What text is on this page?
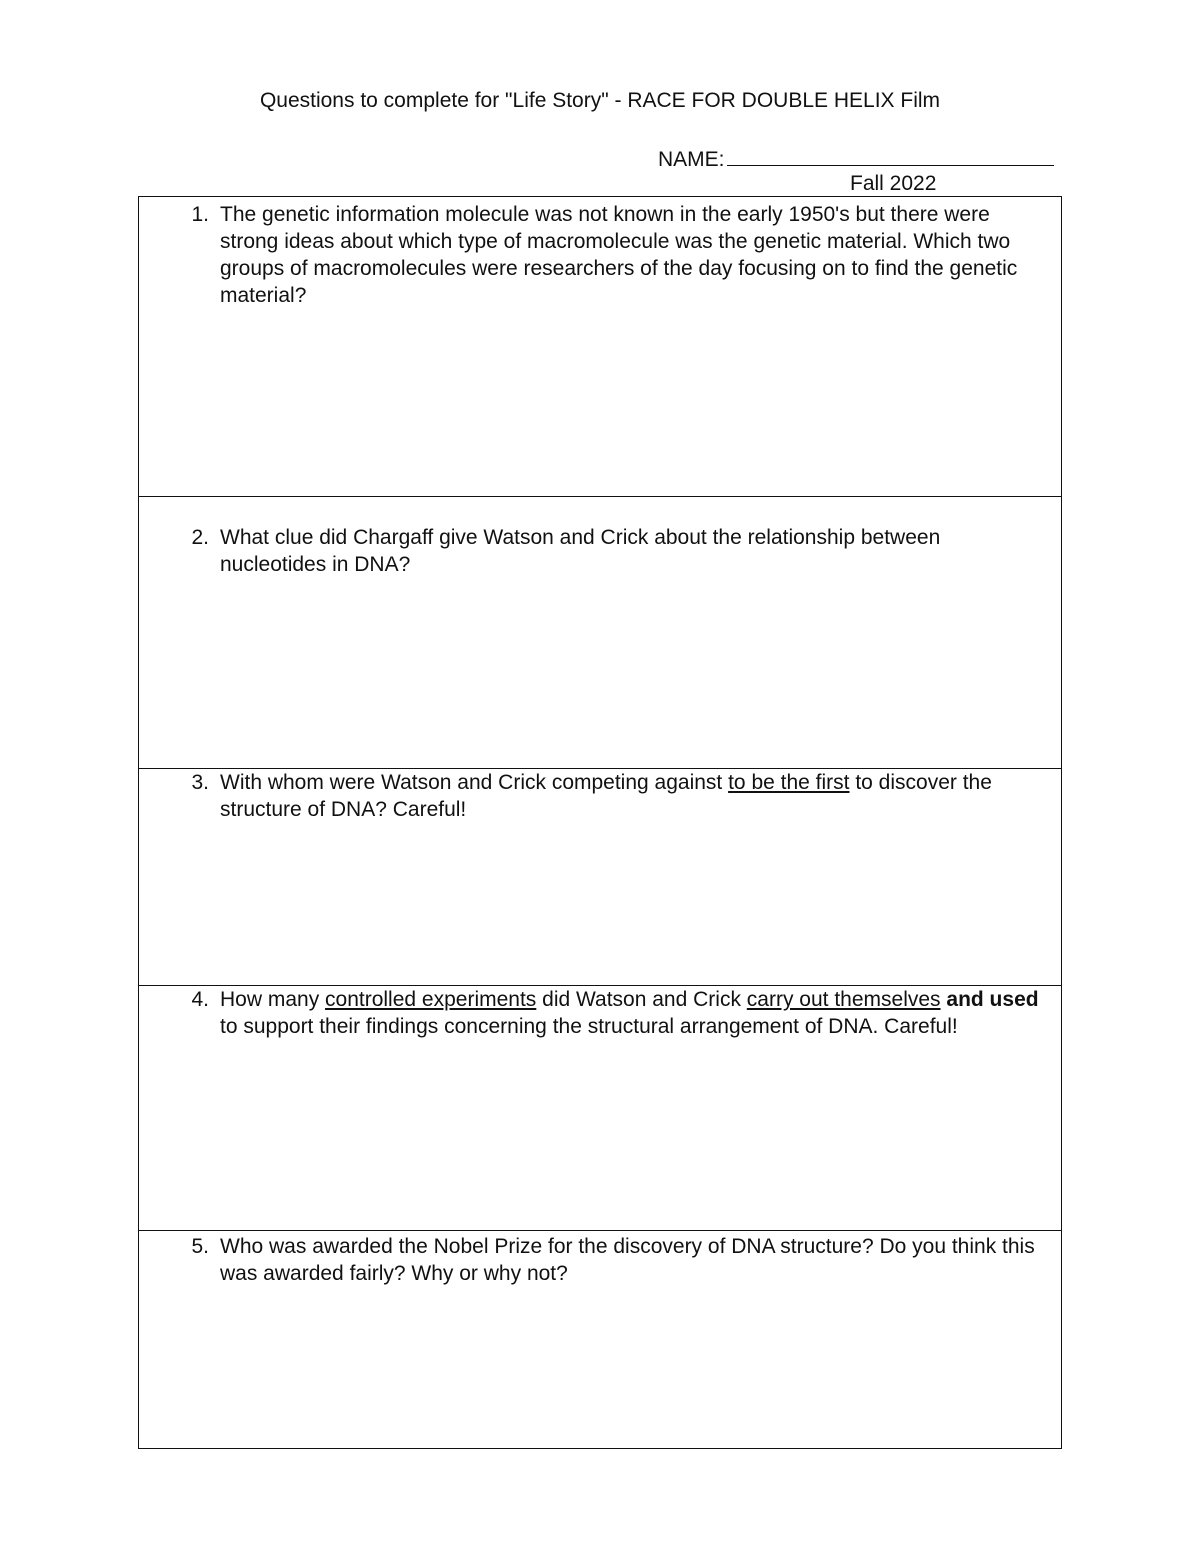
Questions to complete for "Life Story" - RACE FOR DOUBLE HELIX Film
NAME:
Fall 2022
1. The genetic information molecule was not known in the early 1950's but there were strong ideas about which type of macromolecule was the genetic material. Which two groups of macromolecules were researchers of the day focusing on to find the genetic material?
2. What clue did Chargaff give Watson and Crick about the relationship between nucleotides in DNA?
3. With whom were Watson and Crick competing against to be the first to discover the structure of DNA? Careful!
4. How many controlled experiments did Watson and Crick carry out themselves and used to support their findings concerning the structural arrangement of DNA. Careful!
5. Who was awarded the Nobel Prize for the discovery of DNA structure? Do you think this was awarded fairly? Why or why not?
